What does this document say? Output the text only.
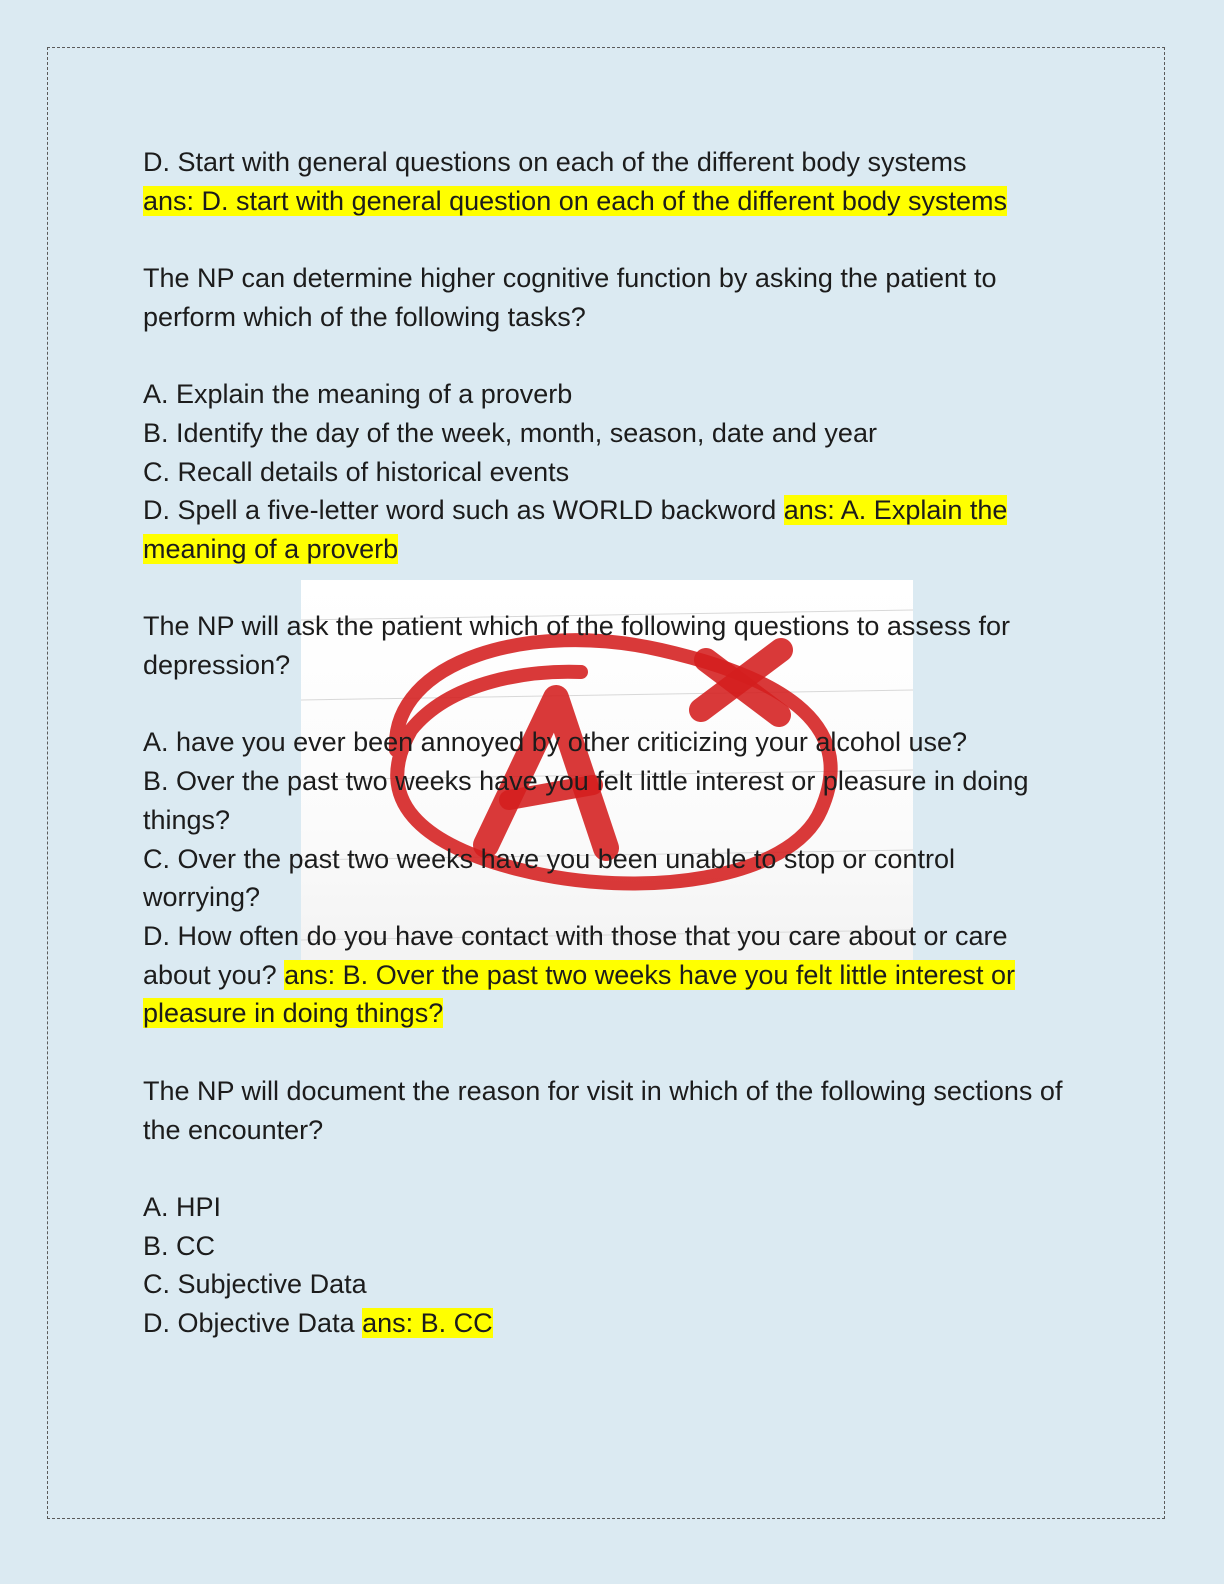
D. Start with general questions on each of the different body systems
ans: D. start with general question on each of the different body systems

The NP can determine higher cognitive function by asking the patient to perform which of the following tasks?

A. Explain the meaning of a proverb

B. Identify the day of the week, month, season, date and year

C. Recall details of historical events

D. Spell a five-letter word such as WORLD backword ans: A. Explain the meaning of a proverb

The NP will ask the patient which of the following questions to assess for depression?

A. have you ever been annoyed by other criticizing your alcohol use?

B. Over the past two weeks have you felt little interest or pleasure in doing things?

C. Over the past two weeks have you been unable to stop or control worrying?

D. How often do you have contact with those that you care about or care about you? ans: B. Over the past two weeks have you felt little interest or pleasure in doing things?

The NP will document the reason for visit in which of the following sections of the encounter?

A. HPI

B. CC

C. Subjective Data

D. Objective Data ans: B. CC
